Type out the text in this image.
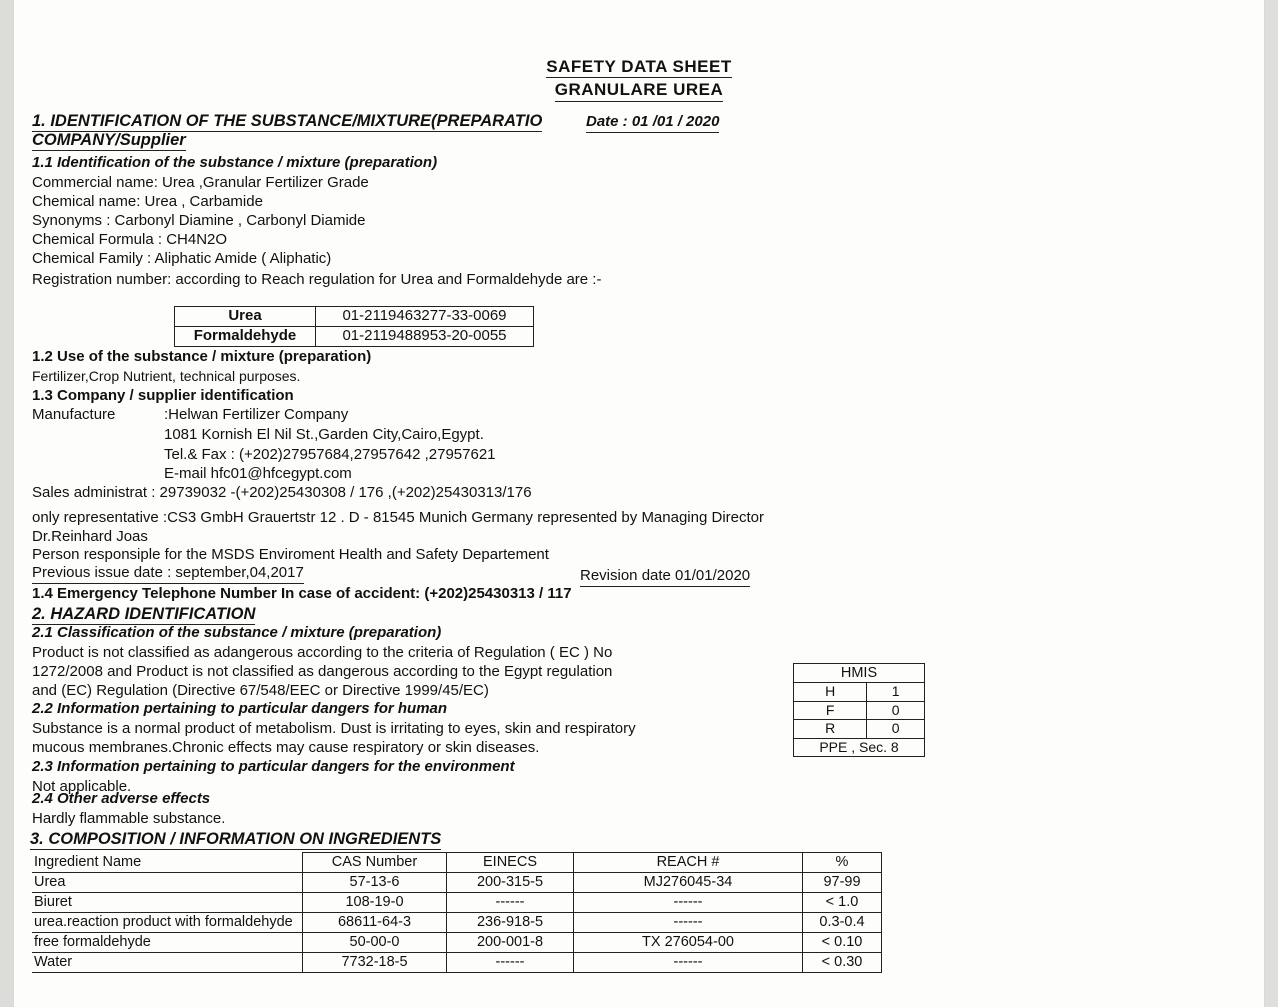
SAFETY DATA SHEET
GRANULARE UREA
1. IDENTIFICATION OF THE SUBSTANCE/MIXTURE(PREPARATIO	Date : 01 /01 / 2020
COMPANY/Supplier
1.1 Identification of the substance / mixture (preparation)
Commercial name: Urea ,Granular Fertilizer Grade
Chemical name: Urea , Carbamide
Synonyms : Carbonyl Diamine , Carbonyl Diamide
Chemical Formula : CH4N2O
Chemical Family : Aliphatic Amide ( Aliphatic)
Registration number: according to Reach regulation for Urea and Formaldehyde are :-
Urea	01-2119463277-33-0069
Formaldehyde	01-2119488953-20-0055
1.2 Use of the substance / mixture (preparation)
Fertilizer,Crop Nutrient, technical purposes.
1.3 Company / supplier identification
Manufacture	:Helwan Fertilizer Company
1081 Kornish El Nil St.,Garden City,Cairo,Egypt.
Tel.& Fax : (+202)27957684,27957642 ,27957621
E-mail hfc01@hfcegypt.com
Sales administrat : 29739032 -(+202)25430308 / 176 ,(+202)25430313/176
only representative :CS3 GmbH Grauertstr 12 . D - 81545 Munich Germany represented by Managing Director
Dr.Reinhard Joas
Person responsiple for the MSDS Enviroment Health and Safety Departement
Previous issue date : september,04,2017	Revision date 01/01/2020
1.4 Emergency Telephone Number In case of accident: (+202)25430313 / 117
2. HAZARD IDENTIFICATION
2.1 Classification of the substance / mixture (preparation)
Product is not classified as adangerous according to the criteria of Regulation ( EC ) No
1272/2008 and Product is not classified as dangerous according to the Egypt regulation
and (EC) Regulation (Directive 67/548/EEC or Directive 1999/45/EC)
2.2 Information pertaining to particular dangers for human
Substance is a normal product of metabolism. Dust is irritating to eyes, skin and respiratory
mucous membranes.Chronic effects may cause respiratory or skin diseases.
2.3 Information pertaining to particular dangers for the environment
Not applicable.
2.4 Other adverse effects
Hardly flammable substance.
HMIS	
H	1
F	0
R	0
PPE , Sec. 8	
3. COMPOSITION / INFORMATION ON INGREDIENTS
Ingredient Name	CAS Number	EINECS	REACH #	%
Urea	57-13-6	200-315-5	MJ276045-34	97-99
Biuret	108-19-0	------	------	< 1.0
urea.reaction product with formaldehyde	68611-64-3	236-918-5	------	0.3-0.4
free formaldehyde	50-00-0	200-001-8	TX 276054-00	< 0.10
Water	7732-18-5	------	------	< 0.30
